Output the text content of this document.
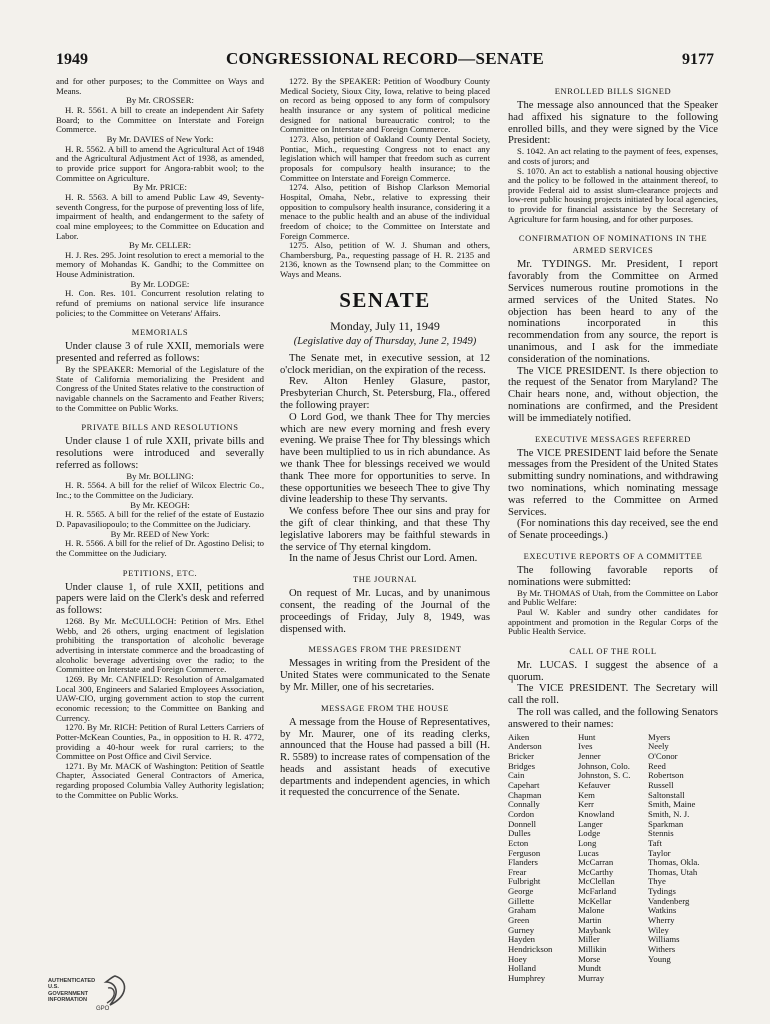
1949	CONGRESSIONAL RECORD—SENATE	9177
and for other purposes; to the Committee on Ways and Means.
By Mr. CROSSER:
H. R. 5561. A bill to create an independent Air Safety Board; to the Committee on Interstate and Foreign Commerce.
By Mr. DAVIES of New York:
H. R. 5562. A bill to amend the Agricultural Act of 1948 and the Agricultural Adjustment Act of 1938, as amended, to provide price support for Angora-rabbit wool; to the Committee on Agriculture.
By Mr. PRICE:
H. R. 5563. A bill to amend Public Law 49, Seventy-seventh Congress, for the purpose of preventing loss of life, impairment of health, and endangerment to the safety of coal mine employees; to the Committee on Education and Labor.
By Mr. CELLER:
H. J. Res. 295. Joint resolution to erect a memorial to the memory of Mohandas K. Gandhi; to the Committee on House Administration.
By Mr. LODGE:
H. Con. Res. 101. Concurrent resolution relating to refund of premiums on national service life insurance policies; to the Committee on Veterans' Affairs.
MEMORIALS
Under clause 3 of rule XXII, memorials were presented and referred as follows:
By the SPEAKER: Memorial of the Legislature of the State of California memorializing the President and Congress of the United States relative to the construction of navigable channels on the Sacramento and Feather Rivers; to the Committee on Public Works.
PRIVATE BILLS AND RESOLUTIONS
Under clause 1 of rule XXII, private bills and resolutions were introduced and severally referred as follows:
By Mr. BOLLING:
H. R. 5564. A bill for the relief of Wilcox Electric Co., Inc.; to the Committee on the Judiciary.
By Mr. KEOGH:
H. R. 5565. A bill for the relief of the estate of Eustazio D. Papavasiliopoulo; to the Committee on the Judiciary.
By Mr. REED of New York:
H. R. 5566. A bill for the relief of Dr. Agostino Delisi; to the Committee on the Judiciary.
PETITIONS, ETC.
Under clause 1, of rule XXII, petitions and papers were laid on the Clerk's desk and referred as follows:
1268. By Mr. McCULLOCH: Petition of Mrs. Ethel Webb, and 26 others, urging enactment of legislation prohibiting the transportation of alcoholic beverage advertising in interstate commerce and the broadcasting of alcoholic beverage advertising over the radio; to the Committee on Interstate and Foreign Commerce.
1269. By Mr. CANFIELD: Resolution of Amalgamated Local 300, Engineers and Salaried Employees Association, UAW-CIO, urging government action to stop the current economic recession; to the Committee on Banking and Currency.
1270. By Mr. RICH: Petition of Rural Letters Carriers of Potter-McKean Counties, Pa., in opposition to H. R. 4772, providing a 40-hour week for rural carriers; to the Committee on Post Office and Civil Service.
1271. By Mr. MACK of Washington: Petition of Seattle Chapter, Associated General Contractors of America, regarding proposed Columbia Valley Authority legislation; to the Committee on Public Works.
1272. By the SPEAKER: Petition of Woodbury County Medical Society, Sioux City, Iowa, relative to being placed on record as being opposed to any form of compulsory health insurance or any system of political medicine designed for national bureaucratic control; to the Committee on Interstate and Foreign Commerce.
1273. Also, petition of Oakland County Dental Society, Pontiac, Mich., requesting Congress not to enact any legislation which will hamper that freedom such as current proposals for compulsory health insurance; to the Committee on Interstate and Foreign Commerce.
1274. Also, petition of Bishop Clarkson Memorial Hospital, Omaha, Nebr., relative to expressing their opposition to compulsory health insurance, considering it a menace to the public health and an abuse of the individual freedom of choice; to the Committee on Interstate and Foreign Commerce.
1275. Also, petition of W. J. Shuman and others, Chambersburg, Pa., requesting passage of H. R. 2135 and 2136, known as the Townsend plan; to the Committee on Ways and Means.
SENATE
Monday, July 11, 1949
(Legislative day of Thursday, June 2, 1949)
The Senate met, in executive session, at 12 o'clock meridian, on the expiration of the recess.
Rev. Alton Henley Glasure, pastor, Presbyterian Church, St. Petersburg, Fla., offered the following prayer:
O Lord God, we thank Thee for Thy mercies which are new every morning and fresh every evening. We praise Thee for Thy blessings which have been multiplied to us in rich abundance. As we thank Thee for blessings received we would thank Thee more for opportunities to serve. In these opportunities we beseech Thee to give Thy divine leadership to these Thy servants.
We confess before Thee our sins and pray for the gift of clear thinking, and that these Thy legislative laborers may be faithful stewards in the service of Thy eternal kingdom.
In the name of Jesus Christ our Lord. Amen.
THE JOURNAL
On request of Mr. Lucas, and by unanimous consent, the reading of the Journal of the proceedings of Friday, July 8, 1949, was dispensed with.
MESSAGES FROM THE PRESIDENT
Messages in writing from the President of the United States were communicated to the Senate by Mr. Miller, one of his secretaries.
MESSAGE FROM THE HOUSE
A message from the House of Representatives, by Mr. Maurer, one of its reading clerks, announced that the House had passed a bill (H. R. 5589) to increase rates of compensation of the heads and assistant heads of executive departments and independent agencies, in which it requested the concurrence of the Senate.
ENROLLED BILLS SIGNED
The message also announced that the Speaker had affixed his signature to the following enrolled bills, and they were signed by the Vice President:
S. 1042. An act relating to the payment of fees, expenses, and costs of jurors; and
S. 1070. An act to establish a national housing objective and the policy to be followed in the attainment thereof, to provide Federal aid to assist slum-clearance projects and low-rent public housing projects initiated by local agencies, to provide for financial assistance by the Secretary of Agriculture for farm housing, and for other purposes.
CONFIRMATION OF NOMINATIONS IN THE ARMED SERVICES
Mr. TYDINGS. Mr. President, I report favorably from the Committee on Armed Services numerous routine promotions in the armed services of the United States. No objection has been heard to any of the nominations incorporated in this recommendation from any source, the report is unanimous, and I ask for the immediate consideration of the nominations.
The VICE PRESIDENT. Is there objection to the request of the Senator from Maryland? The Chair hears none, and, without objection, the nominations are confirmed, and the President will be immediately notified.
EXECUTIVE MESSAGES REFERRED
The VICE PRESIDENT laid before the Senate messages from the President of the United States submitting sundry nominations, and withdrawing two nominations, which nominating message was referred to the Committee on Armed Services.
(For nominations this day received, see the end of Senate proceedings.)
EXECUTIVE REPORTS OF A COMMITTEE
The following favorable reports of nominations were submitted:
By Mr. THOMAS of Utah, from the Committee on Labor and Public Welfare:
Paul W. Kabler and sundry other candidates for appointment and promotion in the Regular Corps of the Public Health Service.
CALL OF THE ROLL
Mr. LUCAS. I suggest the absence of a quorum.
The VICE PRESIDENT. The Secretary will call the roll.
The roll was called, and the following Senators answered to their names:
Aiken
Anderson
Bricker
Bridges
Cain
Capehart
Chapman
Connally
Cordon
Donnell
Dulles
Ecton
Ferguson
Flanders
Frear
Fulbright
George
Gillette
Graham
Green
Gurney
Hayden
Hendrickson
Hoey
Holland
Humphrey
Hunt
Ives
Jenner
Johnson, Colo.
Johnston, S. C.
Kefauver
Kem
Kerr
Knowland
Langer
Lodge
Long
Lucas
McCarran
McCarthy
McClellan
McFarland
McKellar
Malone
Martin
Maybank
Miller
Millikin
Morse
Mundt
Murray
Myers
Neely
O'Conor
Reed
Robertson
Russell
Saltonstall
Smith, Maine
Smith, N. J.
Sparkman
Stennis
Taft
Taylor
Thomas, Okla.
Thomas, Utah
Thye
Tydings
Vandenberg
Watkins
Wherry
Wiley
Williams
Withers
Young
AUTHENTICATED U.S. GOVERNMENT INFORMATION
GPO
